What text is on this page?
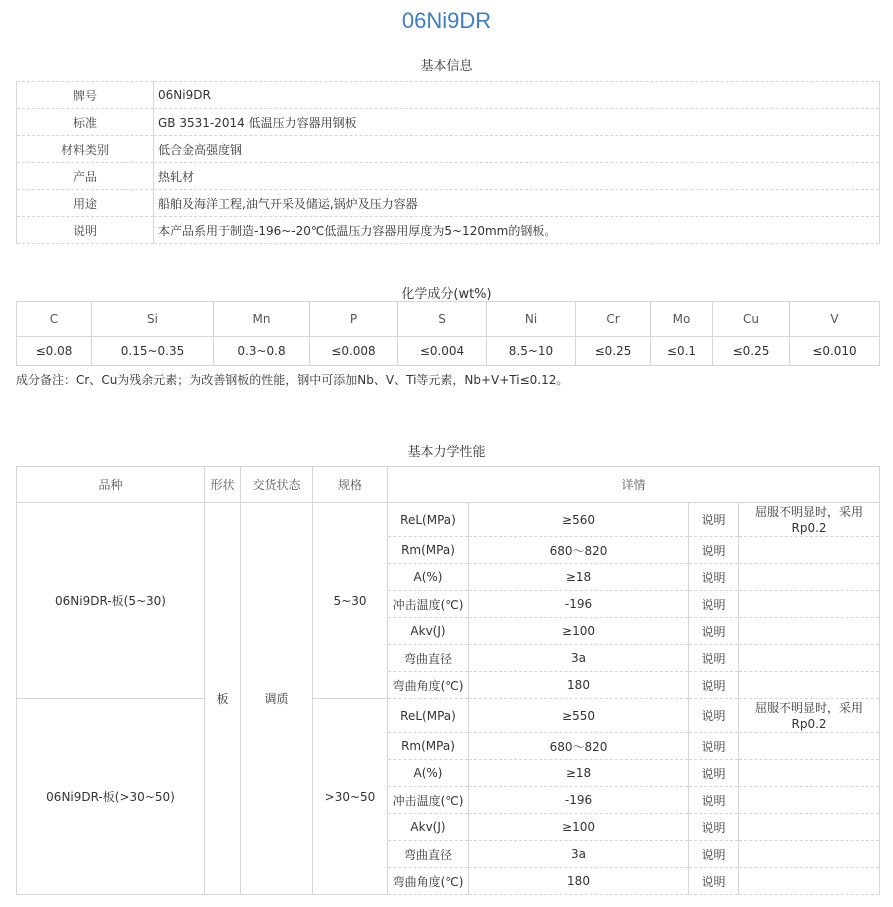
06Ni9DR
基本信息
牌号	06Ni9DR
标准	GB 3531-2014 低温压力容器用钢板
材料类别	低合金高强度钢
产品	热轧材
用途	船舶及海洋工程,油气开采及储运,锅炉及压力容器
说明	本产品系用于制造-196~-20℃低温压力容器用厚度为5~120mm的钢板。
化学成分(wt%)
C	Si	Mn	P	S	Ni	Cr	Mo	Cu	V
≤0.08	0.15~0.35	0.3~0.8	≤0.008	≤0.004	8.5~10	≤0.25	≤0.1	≤0.25	≤0.010
成分备注：Cr、Cu为残余元素；为改善钢板的性能，钢中可添加Nb、V、Ti等元素，Nb+V+Ti≤0.12。
基本力学性能
品种	形状	交货状态	规格	详情			
06Ni9DR-板(5~30)	板	调质	5~30	ReL(MPa)	≥560	说明	屈服不明显时，采用Rp0.2
				Rm(MPa)	680～820	说明	
				A(%)	≥18	说明	
				冲击温度(℃)	-196	说明	
				Akv(J)	≥100	说明	
				弯曲直径	3a	说明	
				弯曲角度(℃)	180	说明	
06Ni9DR-板(>30~50)			>30~50	ReL(MPa)	≥550	说明	屈服不明显时，采用Rp0.2
				Rm(MPa)	680～820	说明	
				A(%)	≥18	说明	
				冲击温度(℃)	-196	说明	
				Akv(J)	≥100	说明	
				弯曲直径	3a	说明	
				弯曲角度(℃)	180	说明	
